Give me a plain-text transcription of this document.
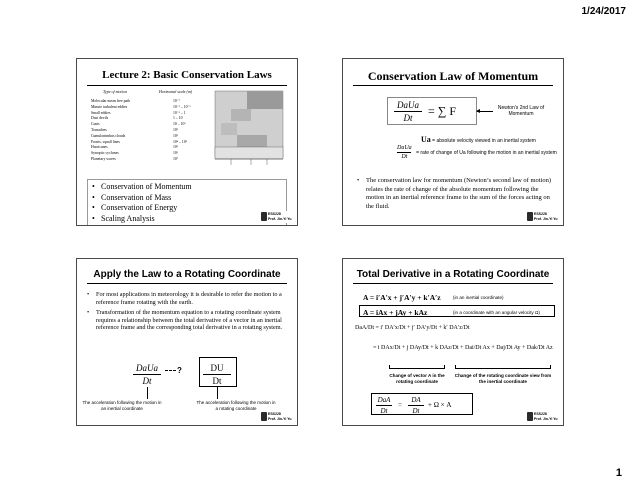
1/24/2017
Lecture 2: Basic Conservation Laws
Type of motion	Horizontal scale (m)
Molecular mean free path	10⁻⁷
Minute turbulent eddies	10⁻² – 10⁻¹
Small eddies	10⁻¹ – 1
Dust devils	1 – 10
Gusts	10 – 10²
Tornadoes	10²
Cumulonimbus clouds	10³
Fronts, squall lines	10⁴ – 10⁵
Hurricanes	10⁵
Synoptic cyclones	10⁶
Planetary waves	10⁷
• Conservation of Momentum
• Conservation of Mass
• Conservation of Energy
• Scaling Analysis	ESS228
Prof. Jin-Yi Yu
Conservation Law of Momentum
DaUa
Dt	= ∑ F	Newton’s 2nd Law of Momentum
Ua = absolute velocity viewed in an inertial system
$\frac{\text{DaUa}}{Dt}$ = rate of change of Ua following the motion in an inertial system
• The conservation law for momentum (Newton’s second law of motion) relates the rate of change of the absolute momentum following the motion in an inertial reference frame to the sum of the forces acting on the fluid.
ESS228
Prof. Jin-Yi Yu
Apply the Law to a Rotating Coordinate
• For most applications in meteorology it is desirable to refer the motion to a reference frame rotating with the earth.
• Transformation of the momentum equation to a rotating coordinate system requires a relationship between the total derivative of a vector in an inertial reference frame and the corresponding total derivative in a rotating system.
DaUa
Dt
?	DU
Dt
The acceleration following the motion in an inertial coordinate
The acceleration following the motion in a rotating coordinate
ESS228
Prof. Jin-Yi Yu
Total Derivative in a Rotating Coordinate
A = i′A′x + j′A′y + k′A′z	(in an inertial coordinate)
A = iAx + jAy + kAz	(in a coordinate with an angular velocity Ω)
DaA/Dt = i′ DA′x/Dt + j′ DA′y/Dt + k′ DA′z/Dt
= i DAx/Dt + j DAy/Dt + k DAz/Dt + Dai/Dt Ax + Daj/Dt Ay + Dak/Dt Az
Change of vector A in the rotating coordinate
Change of the rotating coordinate view from the inertial coordinate
DaA
Dt
=
DA
Dt
+ Ω × A
ESS228
Prof. Jin-Yi Yu
1
